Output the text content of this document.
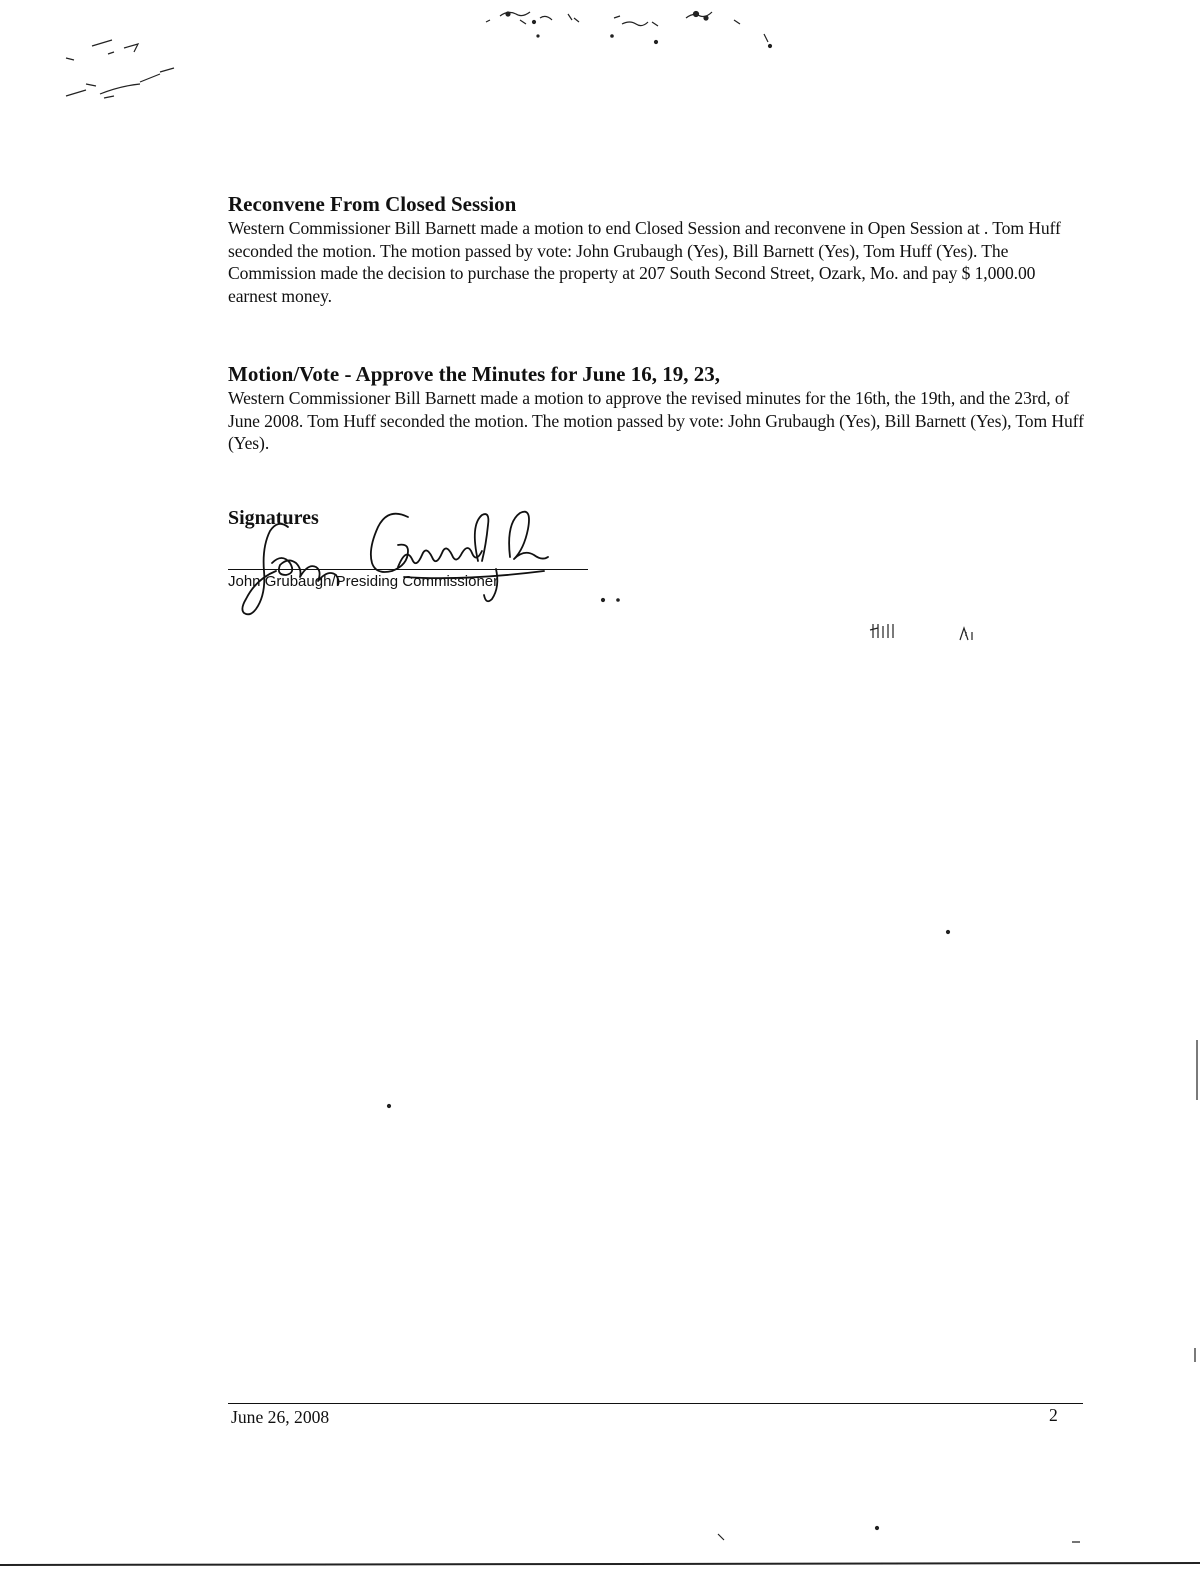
Reconvene From Closed Session

Western Commissioner Bill Barnett made a motion to end Closed Session and reconvene in Open Session at . Tom Huff seconded the motion. The motion passed by vote: John Grubaugh (Yes), Bill Barnett (Yes), Tom Huff (Yes). The Commission made the decision to purchase the property at 207 South Second Street, Ozark, Mo. and pay $ 1,000.00 earnest money.

Motion/Vote - Approve the Minutes for June 16, 19, 23,

Western Commissioner Bill Barnett made a motion to approve the revised minutes for the 16th, the 19th, and the 23rd, of June 2008. Tom Huff seconded the motion. The motion passed by vote: John Grubaugh (Yes), Bill Barnett (Yes), Tom Huff (Yes).

Signatures
John Grubaugh/Presiding Commissioner
June 26, 2008	2
